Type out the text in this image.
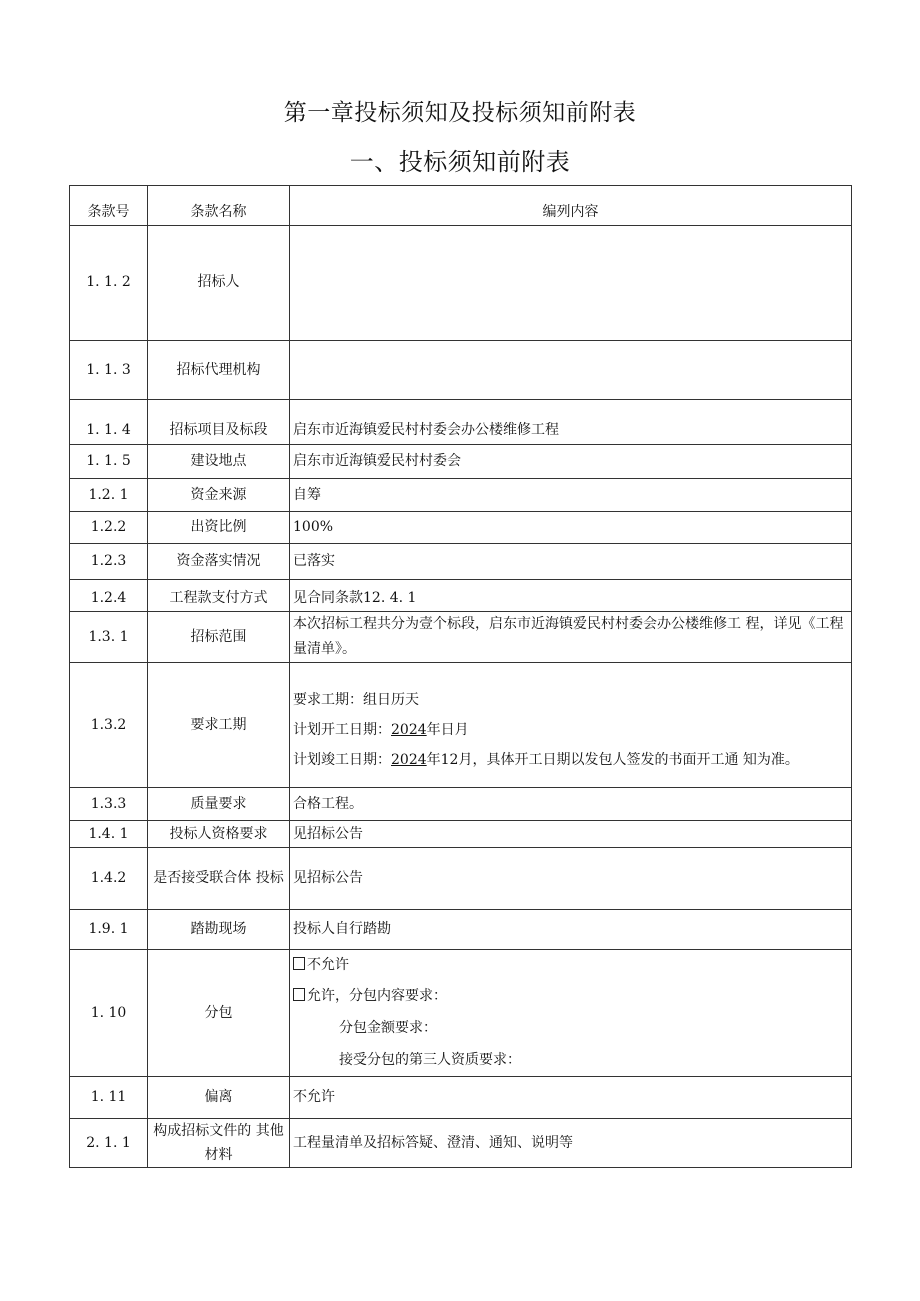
第一章投标须知及投标须知前附表
一、投标须知前附表
条款号	条款名称	编列内容
1. 1. 2	招标人	
1. 1. 3	招标代理机构	
1. 1. 4	招标项目及标段	启东市近海镇爱民村村委会办公楼维修工程
1. 1. 5	建设地点	启东市近海镇爱民村村委会
1.2. 1	资金来源	自筹
1.2.2	出资比例	100%
1.2.3	资金落实情况	已落实
1.2.4	工程款支付方式	见合同条款12. 4. 1
1.3. 1	招标范围	本次招标工程共分为壹个标段，启东市近海镇爱民村村委会办公楼维修工 程，详见《工程量清单》。
1.3.2	要求工期	要求工期：组日历天
计划开工日期：2024年日月
计划竣工日期：2024年12月，具体开工日期以发包人签发的书面开工通 知为准。

1.3.3	质量要求	合格工程。
1.4. 1	投标人资格要求	见招标公告
1.4.2	是否接受联合体 投标	见招标公告
1.9. 1	踏勘现场	投标人自行踏勘
1. 10	分包	不允许
允许，分包内容要求：
分包金额要求：
接受分包的第三人资质要求：

1. 11	偏离	不允许
2. 1. 1	构成招标文件的 其他材料	工程量清单及招标答疑、澄清、通知、说明等
